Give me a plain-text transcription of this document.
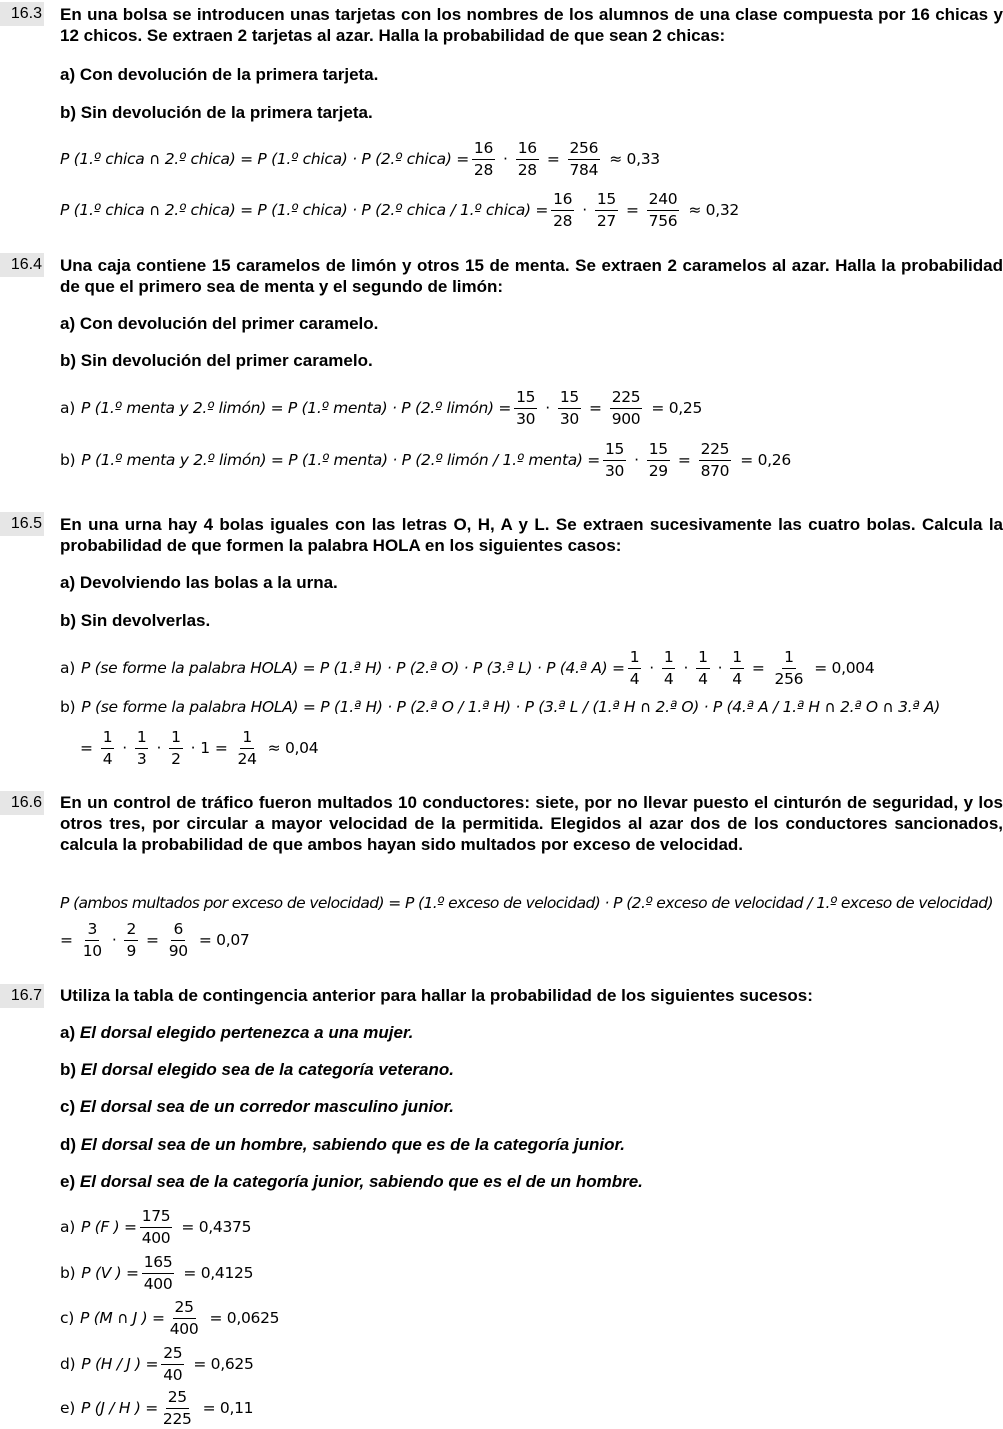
16.3 En una bolsa se introducen unas tarjetas con los nombres de los alumnos de una clase compuesta por 16 chicas y 12 chicos. Se extraen 2 tarjetas al azar. Halla la probabilidad de que sean 2 chicas:
a) Con devolución de la primera tarjeta.
b) Sin devolución de la primera tarjeta.
P (1.º chica ∩ 2.º chica) = P (1.º chica) · P (2.º chica) = $\frac{16}{28} \cdot \frac{16}{28} = \frac{256}{784} \approx 0,33$
P (1.º chica ∩ 2.º chica) = P (1.º chica) · P (2.º chica / 1.º chica) = $\frac{16}{28} \cdot \frac{15}{27} = \frac{240}{756} \approx 0,32$
16.4 Una caja contiene 15 caramelos de limón y otros 15 de menta. Se extraen 2 caramelos al azar. Halla la probabilidad de que el primero sea de menta y el segundo de limón:
a) Con devolución del primer caramelo.
b) Sin devolución del primer caramelo.
a) P (1.º menta y 2.º limón) = P (1.º menta) · P (2.º limón) = $\frac{15}{30} \cdot \frac{15}{30} = \frac{225}{900} = 0,25$
b) P (1.º menta y 2.º limón) = P (1.º menta) · P (2.º limón / 1.º menta) = $\frac{15}{30} \cdot \frac{15}{29} = \frac{225}{870} = 0,26$
16.5 En una urna hay 4 bolas iguales con las letras O, H, A y L. Se extraen sucesivamente las cuatro bolas. Calcula la probabilidad de que formen la palabra HOLA en los siguientes casos:
a) Devolviendo las bolas a la urna.
b) Sin devolverlas.
a) P (se forme la palabra HOLA) = P (1.ª H) · P (2.ª O) · P (3.ª L) · P (4.ª $A) = \frac{1}{4} \cdot \frac{1}{4} \cdot \frac{1}{4} \cdot \frac{1}{4} = \frac{1}{256} = 0,004$
b) P (se forme la palabra HOLA) = P (1.ª H) · P (2.ª O / 1.ª H) · P (3.ª L / (1.ª H ∩ 2.ª O) · P (4.ª A / 1.ª H ∩ 2.ª O ∩ 3.ª A)
= $\frac{1}{4} \cdot \frac{1}{3} \cdot \frac{1}{2} \cdot 1 = \frac{1}{24} \approx 0,04$
16.6 En un control de tráfico fueron multados 10 conductores: siete, por no llevar puesto el cinturón de seguridad, y los otros tres, por circular a mayor velocidad de la permitida. Elegidos al azar dos de los conductores sancionados, calcula la probabilidad de que ambos hayan sido multados por exceso de velocidad.
P (ambos multados por exceso de velocidad) = P (1.º exceso de velocidad) · P (2.º exceso de velocidad / 1.º exceso de velocidad)
= $\frac{3}{10} \cdot \frac{2}{9} = \frac{6}{90} = 0,07$
16.7 Utiliza la tabla de contingencia anterior para hallar la probabilidad de los siguientes sucesos:
a) El dorsal elegido pertenezca a una mujer.
b) El dorsal elegido sea de la categoría veterano.
c) El dorsal sea de un corredor masculino junior.
d) El dorsal sea de un hombre, sabiendo que es de la categoría junior.
e) El dorsal sea de la categoría junior, sabiendo que es el de un hombre.
a) P (F ) = $\frac{175}{400} = 0,4375$
b) P (V ) = $\frac{165}{400} = 0,4125$
c) P (M ∩ J ) = $\frac{25}{400} = 0,0625$
d) P (H / J ) = $\frac{25}{40} = 0,625$
e) P (J / H ) = $\frac{25}{225} = 0,11$
